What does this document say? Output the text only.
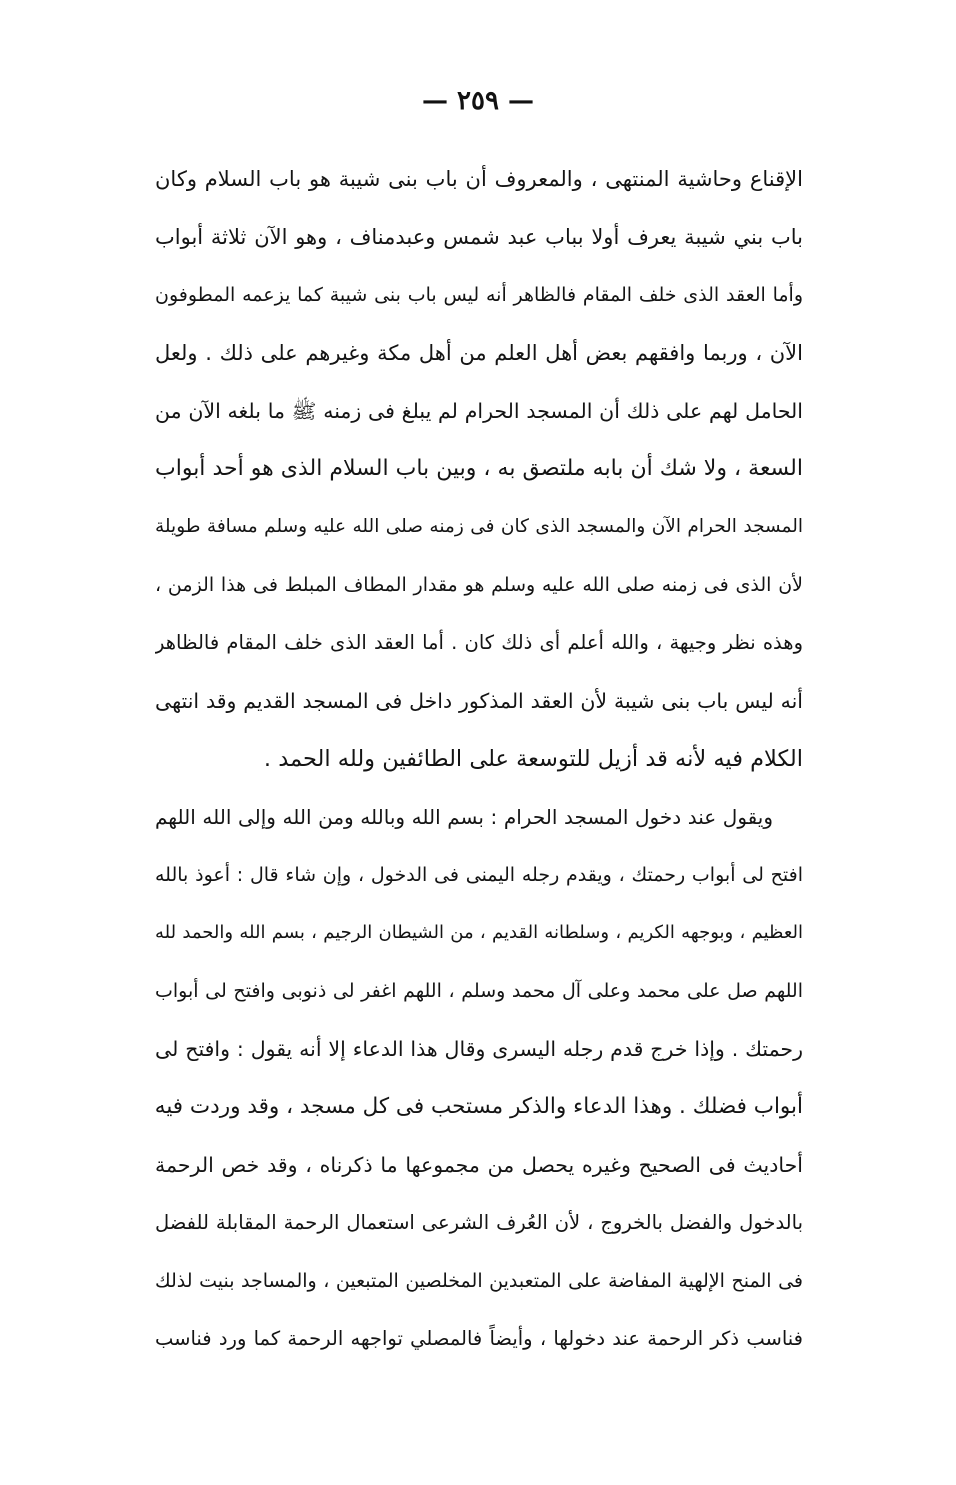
— ٢٥٩ —
الإقناع وحاشية المنتهى ، والمعروف أن باب بنى شيبة هو باب السلام وكان
باب بني شيبة يعرف أولا بباب عبد شمس وعبدمناف ، وهو الآن ثلاثة أبواب
وأما العقد الذى خلف المقام فالظاهر أنه ليس باب بنى شيبة كما يزعمه المطوفون
الآن ، وربما وافقهم بعض أهل العلم من أهل مكة وغيرهم على ذلك . ولعل
الحامل لهم على ذلك أن المسجد الحرام لم يبلغ فى زمنه ﷺ ما بلغه الآن من
السعة ، ولا شك أن بابه ملتصق به ، وبين باب السلام الذى هو أحد أبواب
المسجد الحرام الآن والمسجد الذى كان فى زمنه صلى الله عليه وسلم مسافة طويلة
لأن الذى فى زمنه صلى الله عليه وسلم هو مقدار المطاف المبلط فى هذا الزمن ،
وهذه نظر وجيهة ، والله أعلم أى ذلك كان . أما العقد الذى خلف المقام فالظاهر
أنه ليس باب بنى شيبة لأن العقد المذكور داخل فى المسجد القديم وقد انتهى
الكلام فيه لأنه قد أزيل للتوسعة على الطائفين ولله الحمد .
ويقول عند دخول المسجد الحرام : بسم الله وبالله ومن الله وإلى الله اللهم
افتح لى أبواب رحمتك ، ويقدم رجله اليمنى فى الدخول ، وإن شاء قال : أعوذ بالله
العظيم ، وبوجهه الكريم ، وسلطانه القديم ، من الشيطان الرجيم ، بسم الله والحمد لله
اللهم صل على محمد وعلى آل محمد وسلم ، اللهم اغفر لى ذنوبى وافتح لى أبواب
رحمتك . وإذا خرج قدم رجله اليسرى وقال هذا الدعاء إلا أنه يقول : وافتح لى
أبواب فضلك . وهذا الدعاء والذكر مستحب فى كل مسجد ، وقد وردت فيه
أحاديث فى الصحيح وغيره يحصل من مجموعها ما ذكرناه ، وقد خص الرحمة
بالدخول والفضل بالخروج ، لأن العُرف الشرعى استعمال الرحمة المقابلة للفضل
فى المنح الإلهية المفاضة على المتعبدين المخلصين المتبعين ، والمساجد بنيت لذلك
فناسب ذكر الرحمة عند دخولها ، وأيضاً فالمصلي تواجهه الرحمة كما ورد فناسب
